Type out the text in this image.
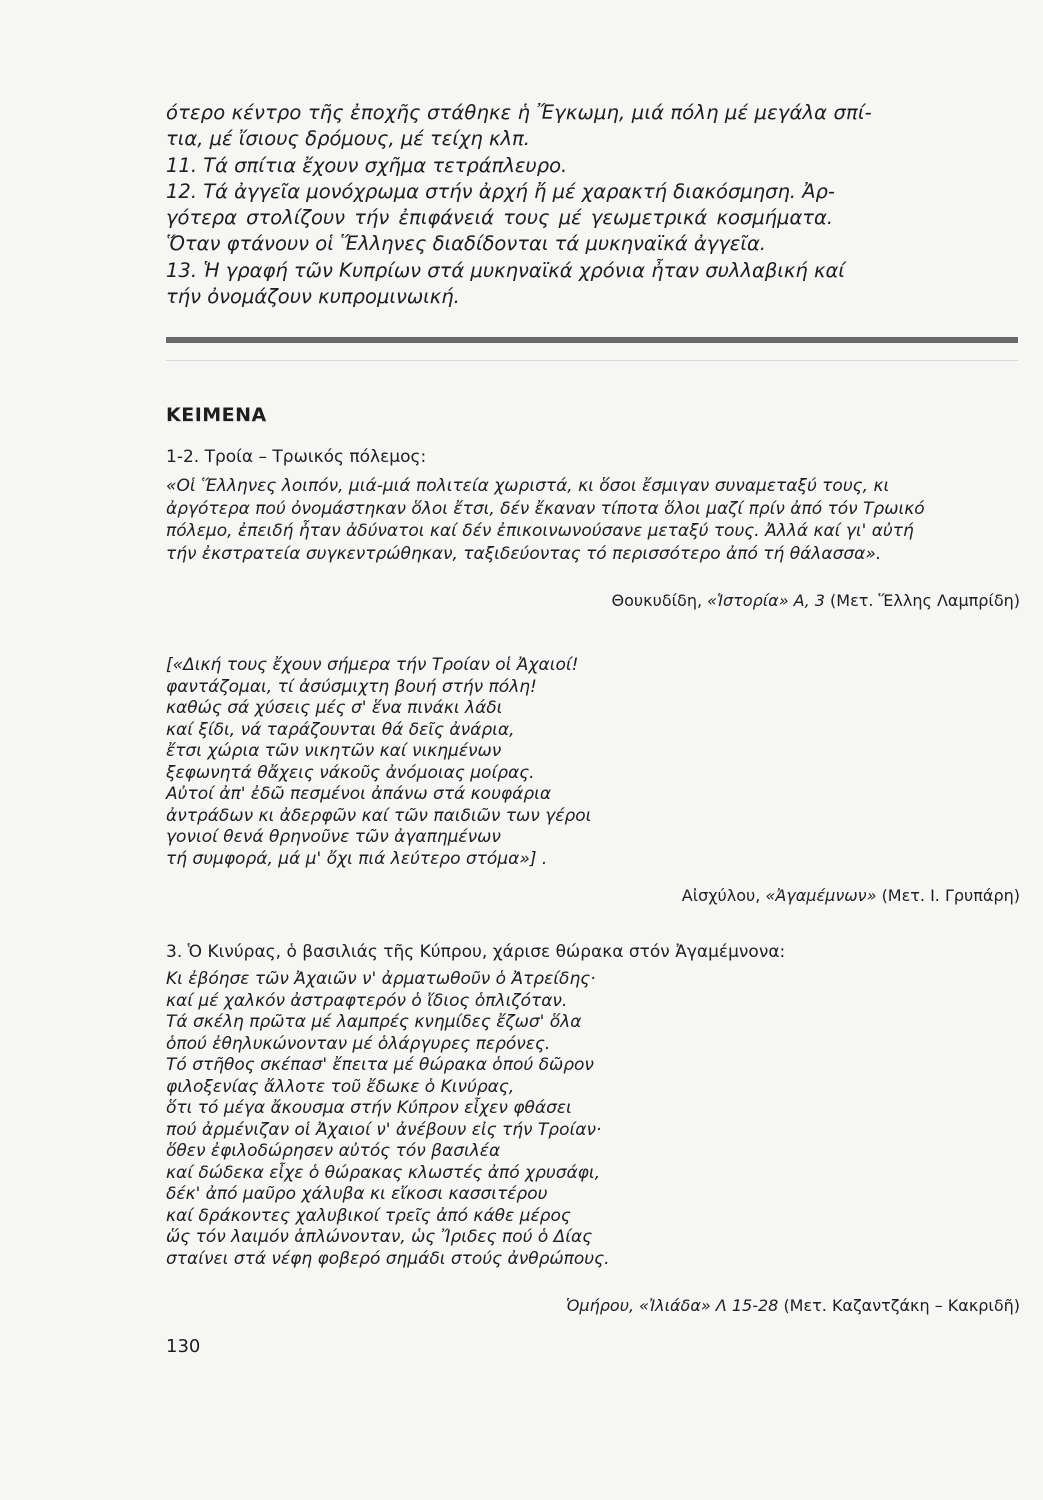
ότερο κέντρο τῆς ἐποχῆς στάθηκε ἡ Ἔγκωμη, μιά πόλη μέ μεγάλα σπί-
τια, μέ ἴσιους δρόμους, μέ τείχη κλπ.
11. Τά σπίτια ἔχουν σχῆμα τετράπλευρο.
12. Τά ἀγγεῖα μονόχρωμα στήν ἀρχή ἤ μέ χαρακτή διακόσμηση. Ἀρ-
γότερα στολίζουν τήν ἐπιφάνειά τους μέ γεωμετρικά κοσμήματα.
Ὅταν φτάνουν οἱ Ἕλληνες διαδίδονται τά μυκηναϊκά ἀγγεῖα.
13. Ἡ γραφή τῶν Κυπρίων στά μυκηναϊκά χρόνια ἦταν συλλαβική καί
τήν ὀνομάζουν κυπρομινωική.
ΚΕΙΜΕΝΑ
1-2. Τροία – Τρωικός πόλεμος:
«Οἱ Ἕλληνες λοιπόν, μιά-μιά πολιτεία χωριστά, κι ὅσοι ἔσμιγαν συναμεταξύ τους, κι
ἀργότερα πού ὀνομάστηκαν ὅλοι ἔτσι, δέν ἔκαναν τίποτα ὅλοι μαζί πρίν ἀπό τόν Τρωικό
πόλεμο, ἐπειδή ἦταν ἀδύνατοι καί δέν ἐπικοινωνούσανε μεταξύ τους. Ἀλλά καί γι' αὐτή
τήν ἐκστρατεία συγκεντρώθηκαν, ταξιδεύοντας τό περισσότερο ἀπό τή θάλασσα».
Θουκυδίδη, «Ἱστορία» Α, 3 (Μετ. Ἕλλης Λαμπρίδη)
[«Δική τους ἔχουν σήμερα τήν Τροίαν οἱ Ἀχαιοί!
φαντάζομαι, τί ἀσύσμιχτη βουή στήν πόλη!
καθώς σά χύσεις μές σ' ἕνα πινάκι λάδι
καί ξίδι, νά ταράζουνται θά δεῖς ἀνάρια,
ἔτσι χώρια τῶν νικητῶν καί νικημένων
ξεφωνητά θἄχεις νάκοῦς ἀνόμοιας μοίρας.
Αὐτοί ἀπ' ἐδῶ πεσμένοι ἀπάνω στά κουφάρια
ἀντράδων κι ἀδερφῶν καί τῶν παιδιῶν των γέροι
γονιοί θενά θρηνοῦνε τῶν ἀγαπημένων
τή συμφορά, μά μ' ὄχι πιά λεύτερο στόμα»] .
Αἰσχύλου, «Ἀγαμέμνων» (Μετ. Ι. Γρυπάρη)
3. Ὁ Κινύρας, ὁ βασιλιάς τῆς Κύπρου, χάρισε θώρακα στόν Ἀγαμέμνονα:
Κι ἐβόησε τῶν Ἀχαιῶν ν' ἀρματωθοῦν ὁ Ἀτρείδης·
καί μέ χαλκόν ἀστραφτερόν ὁ ἴδιος ὁπλιζόταν.
Τά σκέλη πρῶτα μέ λαμπρές κνημίδες ἔζωσ' ὅλα
ὁπού ἐθηλυκώνονταν μέ ὁλάργυρες περόνες.
Τό στῆθος σκέπασ' ἔπειτα μέ θώρακα ὁπού δῶρον
φιλοξενίας ἄλλοτε τοῦ ἔδωκε ὁ Κινύρας,
ὅτι τό μέγα ἄκουσμα στήν Κύπρον εἶχεν φθάσει
πού ἀρμένιζαν οἱ Ἀχαιοί ν' ἀνέβουν εἰς τήν Τροίαν·
ὅθεν ἐφιλοδώρησεν αὐτός τόν βασιλέα
καί δώδεκα εἶχε ὁ θώρακας κλωστές ἀπό χρυσάφι,
δέκ' ἀπό μαῦρο χάλυβα κι εἴκοσι κασσιτέρου
καί δράκοντες χαλυβικοί τρεῖς ἀπό κάθε μέρος
ὥς τόν λαιμόν ἁπλώνονταν, ὡς Ἴριδες πού ὁ Δίας
σταίνει στά νέφη φοβερό σημάδι στούς ἀνθρώπους.
Ὁμήρου, «Ἰλιάδα» Λ 15-28 (Μετ. Καζαντζάκη – Κακριδῆ)
130
